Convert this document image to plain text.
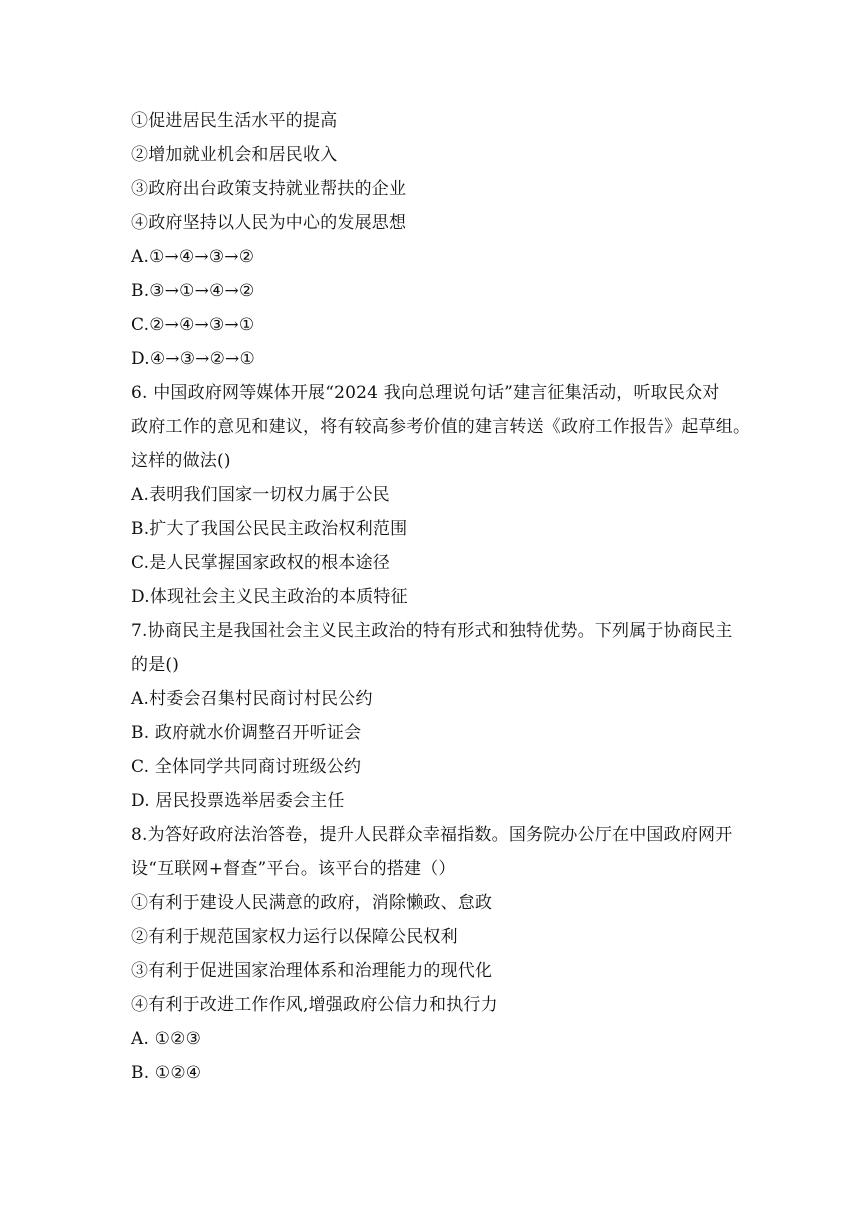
①促进居民生活水平的提高
②增加就业机会和居民收入
③政府出台政策支持就业帮扶的企业
④政府坚持以人民为中心的发展思想
A.①→④→③→②
B.③→①→④→②
C.②→④→③→①
D.④→③→②→①
6. 中国政府网等媒体开展“2024 我向总理说句话”建言征集活动，听取民众对
政府工作的意见和建议，将有较高参考价值的建言转送《政府工作报告》起草组。
这样的做法()
A.表明我们国家一切权力属于公民
B.扩大了我国公民民主政治权利范围
C.是人民掌握国家政权的根本途径
D.体现社会主义民主政治的本质特征
7.协商民主是我国社会主义民主政治的特有形式和独特优势。下列属于协商民主
的是()
A.村委会召集村民商讨村民公约
B. 政府就水价调整召开听证会
C. 全体同学共同商讨班级公约
D. 居民投票选举居委会主任
8.为答好政府法治答卷，提升人民群众幸福指数。国务院办公厅在中国政府网开
设“互联网+督查”平台。该平台的搭建（）
①有利于建设人民满意的政府，消除懒政、怠政
②有利于规范国家权力运行以保障公民权利
③有利于促进国家治理体系和治理能力的现代化
④有利于改进工作作风,增强政府公信力和执行力
A. ①②③
B. ①②④
